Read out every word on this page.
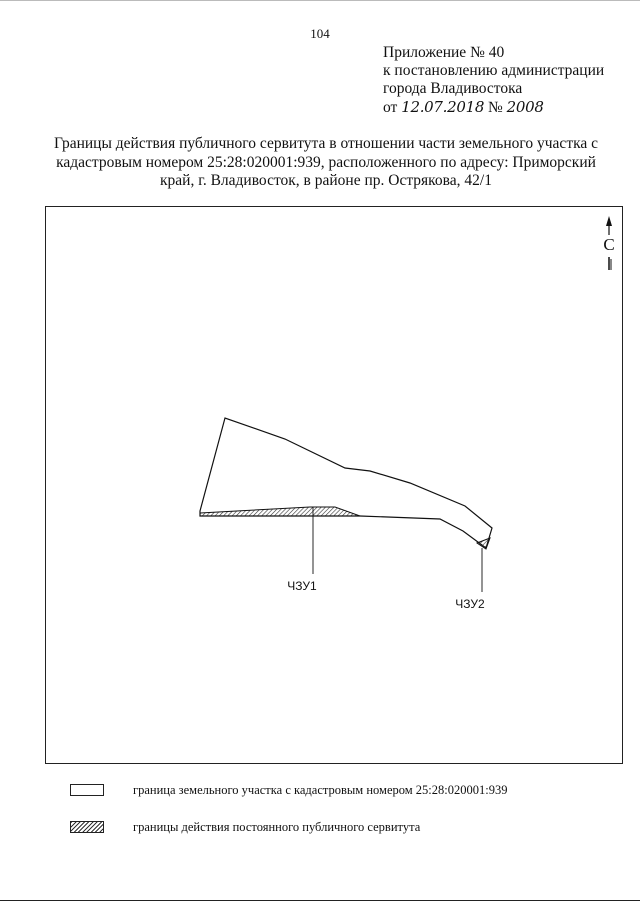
104
Приложение № 40
к постановлению администрации
города Владивостока
от 12.07.2018 № 2008
Границы действия публичного сервитута в отношении части земельного участка с кадастровым номером 25:28:020001:939, расположенного по адресу: Приморский край, г. Владивосток, в районе пр. Острякова, 42/1
С
ЧЗУ1
ЧЗУ2
граница земельного участка с кадастровым номером 25:28:020001:939
границы действия постоянного публичного сервитута
